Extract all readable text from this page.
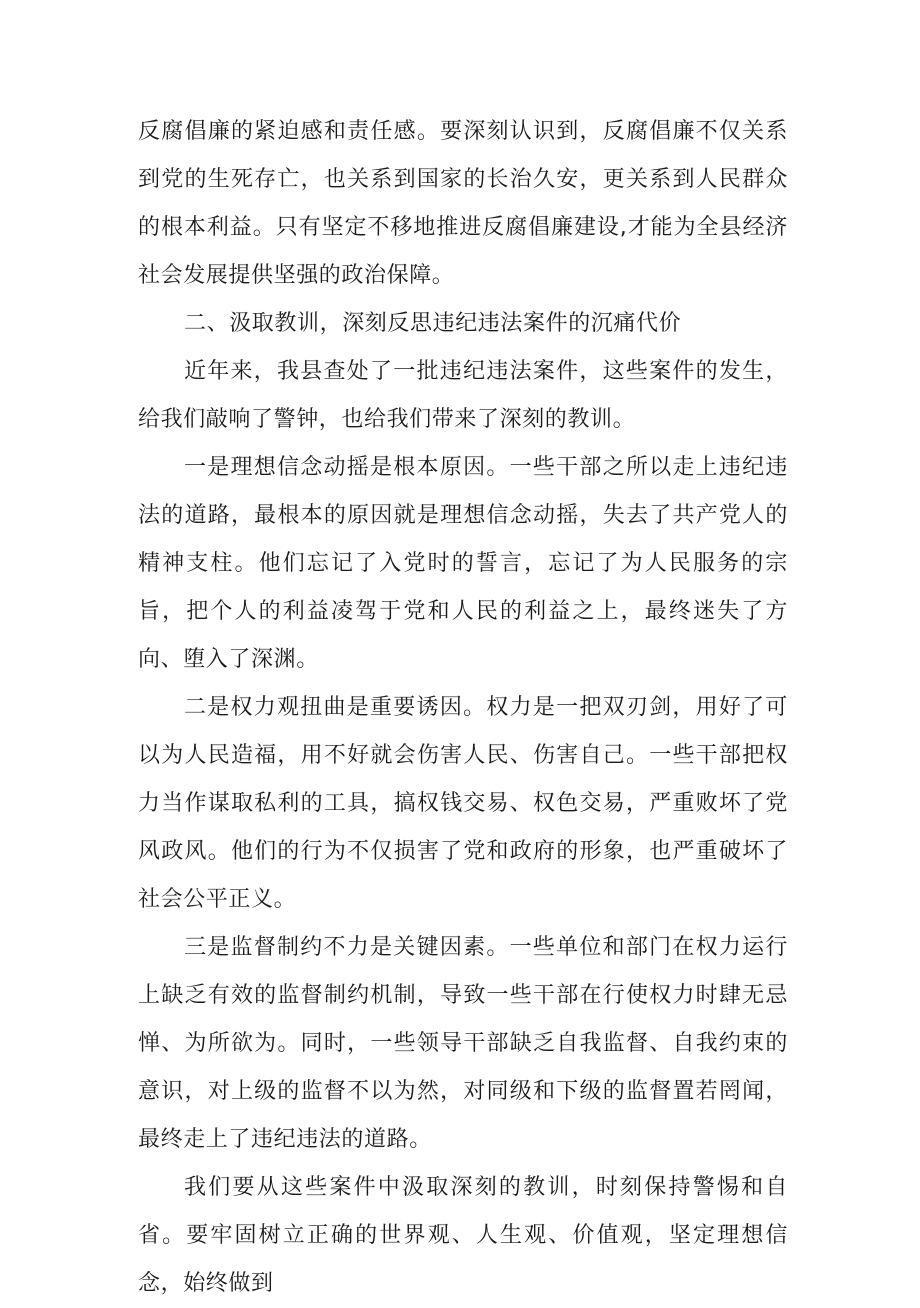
反腐倡廉的紧迫感和责任感。要深刻认识到，反腐倡廉不仅关系到党的生死存亡，也关系到国家的长治久安，更关系到人民群众的根本利益。只有坚定不移地推进反腐倡廉建设,才能为全县经济社会发展提供坚强的政治保障。

二、汲取教训，深刻反思违纪违法案件的沉痛代价

近年来，我县查处了一批违纪违法案件，这些案件的发生，给我们敲响了警钟，也给我们带来了深刻的教训。

一是理想信念动摇是根本原因。一些干部之所以走上违纪违法的道路，最根本的原因就是理想信念动摇，失去了共产党人的精神支柱。他们忘记了入党时的誓言，忘记了为人民服务的宗旨，把个人的利益凌驾于党和人民的利益之上，最终迷失了方向、堕入了深渊。

二是权力观扭曲是重要诱因。权力是一把双刃剑，用好了可以为人民造福，用不好就会伤害人民、伤害自己。一些干部把权力当作谋取私利的工具，搞权钱交易、权色交易，严重败坏了党风政风。他们的行为不仅损害了党和政府的形象，也严重破坏了社会公平正义。

三是监督制约不力是关键因素。一些单位和部门在权力运行上缺乏有效的监督制约机制，导致一些干部在行使权力时肆无忌惮、为所欲为。同时，一些领导干部缺乏自我监督、自我约束的意识，对上级的监督不以为然，对同级和下级的监督置若罔闻，最终走上了违纪违法的道路。

我们要从这些案件中汲取深刻的教训，时刻保持警惕和自省。要牢固树立正确的世界观、人生观、价值观，坚定理想信念，始终做到
